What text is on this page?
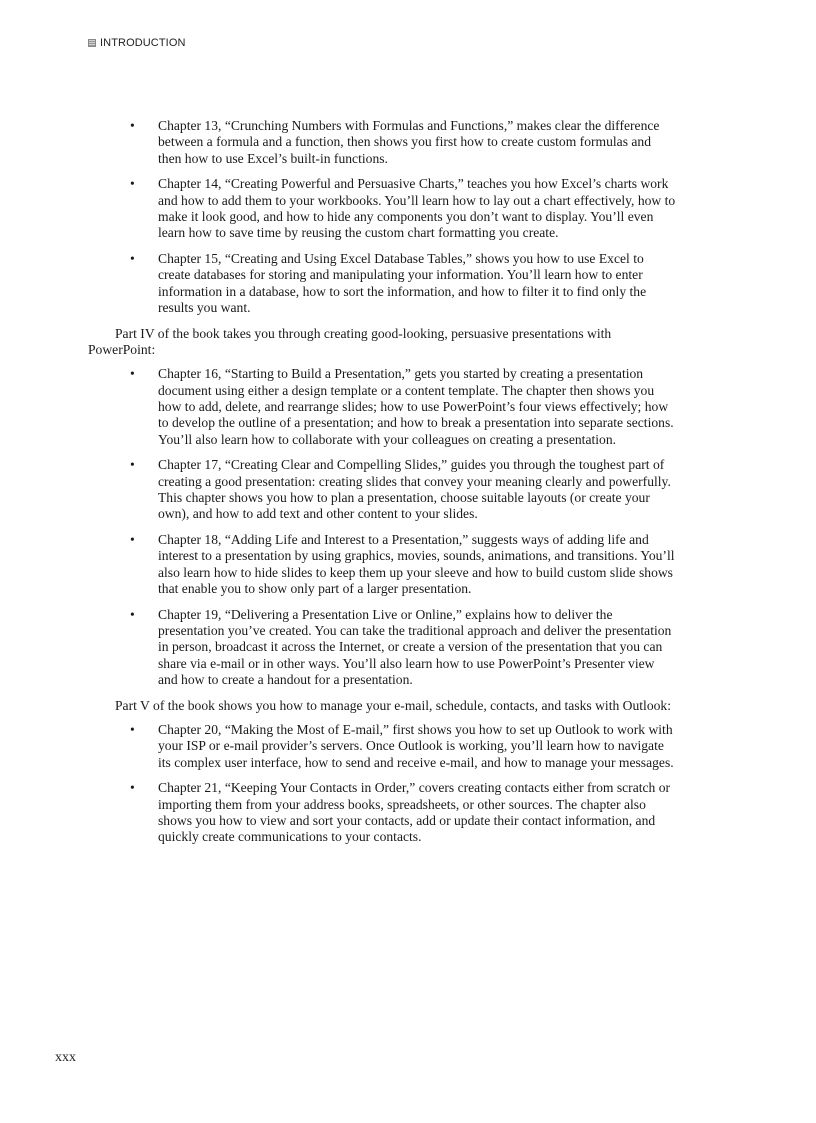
INTRODUCTION
• Chapter 13, “Crunching Numbers with Formulas and Functions,” makes clear the difference between a formula and a function, then shows you first how to create custom formulas and then how to use Excel’s built-in functions.
• Chapter 14, “Creating Powerful and Persuasive Charts,” teaches you how Excel’s charts work and how to add them to your workbooks. You’ll learn how to lay out a chart effectively, how to make it look good, and how to hide any components you don’t want to display. You’ll even learn how to save time by reusing the custom chart formatting you create.
• Chapter 15, “Creating and Using Excel Database Tables,” shows you how to use Excel to create databases for storing and manipulating your information. You’ll learn how to enter information in a database, how to sort the information, and how to filter it to find only the results you want.

Part IV of the book takes you through creating good-looking, persuasive presentations with PowerPoint:

• Chapter 16, “Starting to Build a Presentation,” gets you started by creating a presentation document using either a design template or a content template. The chapter then shows you how to add, delete, and rearrange slides; how to use PowerPoint’s four views effectively; how to develop the outline of a presentation; and how to break a presentation into separate sections. You’ll also learn how to collaborate with your colleagues on creating a presentation.
• Chapter 17, “Creating Clear and Compelling Slides,” guides you through the toughest part of creating a good presentation: creating slides that convey your meaning clearly and powerfully. This chapter shows you how to plan a presentation, choose suitable layouts (or create your own), and how to add text and other content to your slides.
• Chapter 18, “Adding Life and Interest to a Presentation,” suggests ways of adding life and interest to a presentation by using graphics, movies, sounds, animations, and transitions. You’ll also learn how to hide slides to keep them up your sleeve and how to build custom slide shows that enable you to show only part of a larger presentation.
• Chapter 19, “Delivering a Presentation Live or Online,” explains how to deliver the presentation you’ve created. You can take the traditional approach and deliver the presentation in person, broadcast it across the Internet, or create a version of the presentation that you can share via e-mail or in other ways. You’ll also learn how to use PowerPoint’s Presenter view and how to create a handout for a presentation.

Part V of the book shows you how to manage your e-mail, schedule, contacts, and tasks with Outlook:

• Chapter 20, “Making the Most of E-mail,” first shows you how to set up Outlook to work with your ISP or e-mail provider’s servers. Once Outlook is working, you’ll learn how to navigate its complex user interface, how to send and receive e-mail, and how to manage your messages.
• Chapter 21, “Keeping Your Contacts in Order,” covers creating contacts either from scratch or importing them from your address books, spreadsheets, or other sources. The chapter also shows you how to view and sort your contacts, add or update their contact information, and quickly create communications to your contacts.
xxx
